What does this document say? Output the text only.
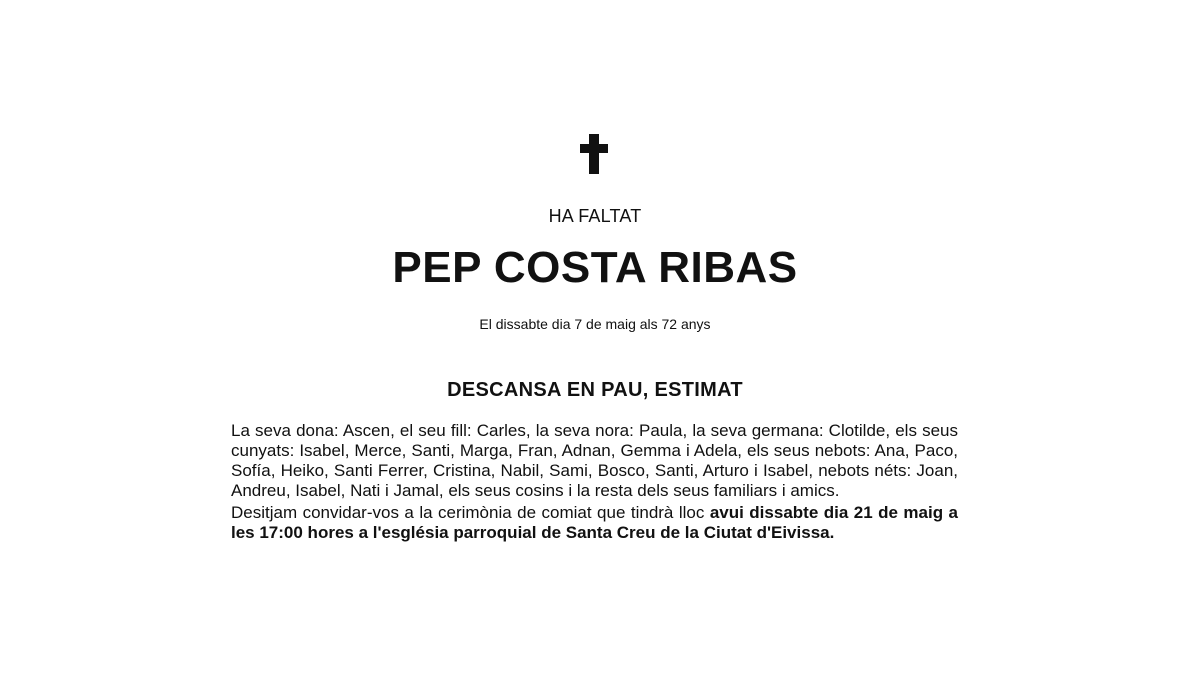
HA FALTAT
PEP COSTA RIBAS
El dissabte dia 7 de maig als 72 anys
DESCANSA EN PAU, ESTIMAT

La seva dona: Ascen, el seu fill: Carles, la seva nora: Paula, la seva germana: Clotilde, els seus cunyats: Isabel, Merce, Santi, Marga, Fran, Adnan, Gemma i Adela, els seus nebots: Ana, Paco, Sofía, Heiko, Santi Ferrer, Cristina, Nabil, Sami, Bosco, Santi, Arturo i Isabel, nebots néts: Joan, Andreu, Isabel, Nati i Jamal, els seus cosins i la resta dels seus familiars i amics.

Desitjam convidar-vos a la cerimònia de comiat que tindrà lloc avui dissabte dia 21 de maig a les 17:00 hores a l'església parroquial de Santa Creu de la Ciutat d'Eivissa.
